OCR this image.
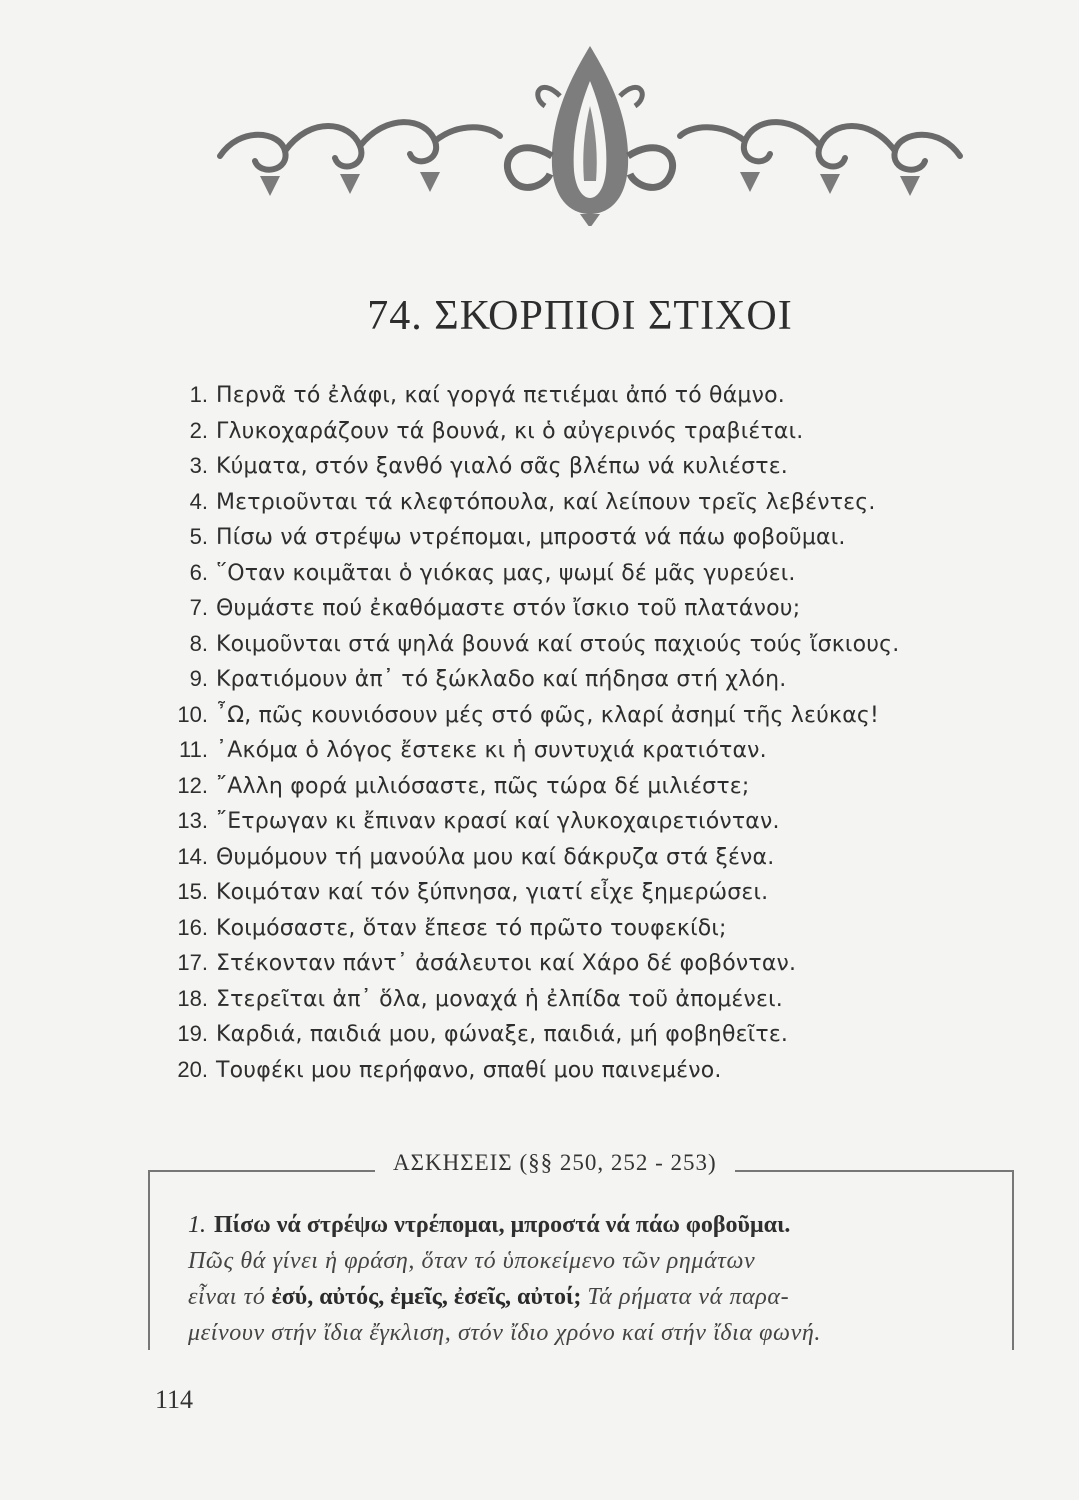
74. ΣΚΟΡΠΙΟΙ ΣΤΙΧΟΙ
1. Περνᾶ τό ἐλάφι, καί γοργά πετιέμαι ἀπό τό θάμνο.
2. Γλυκοχαράζουν τά βουνά, κι ὁ αὐγερινός τραβιέται.
3. Κύματα, στόν ξανθό γιαλό σᾶς βλέπω νά κυλιέστε.
4. Μετριοῦνται τά κλεφτόπουλα, καί λείπουν τρεῖς λεβέντες.
5. Πίσω νά στρέψω ντρέπομαι, μπροστά νά πάω φοβοῦμαι.
6. ῞Οταν κοιμᾶται ὁ γιόκας μας, ψωμί δέ μᾶς γυρεύει.
7. Θυμάστε πού ἐκαθόμαστε στόν ἴσκιο τοῦ πλατάνου;
8. Κοιμοῦνται στά ψηλά βουνά καί στούς παχιούς τούς ἴσκιους.
9. Κρατιόμουν ἀπ᾽ τό ξώκλαδο καί πήδησα στή χλόη.
10. ῏Ω, πῶς κουνιόσουν μές στό φῶς, κλαρί ἀσημί τῆς λεύκας!
11. ᾿Ακόμα ὁ λόγος ἔστεκε κι ἡ συντυχιά κρατιόταν.
12. ῎Αλλη φορά μιλιόσαστε, πῶς τώρα δέ μιλιέστε;
13. ῎Ετρωγαν κι ἔπιναν κρασί καί γλυκοχαιρετιόνταν.
14. Θυμόμουν τή μανούλα μου καί δάκρυζα στά ξένα.
15. Κοιμόταν καί τόν ξύπνησα, γιατί εἶχε ξημερώσει.
16. Κοιμόσαστε, ὅταν ἔπεσε τό πρῶτο τουφεκίδι;
17. Στέκονταν πάντ᾽ ἀσάλευτοι καί Χάρο δέ φοβόνταν.
18. Στερεῖται ἀπ᾽ ὅλα, μοναχά ἡ ἐλπίδα τοῦ ἀπομένει.
19. Καρδιά, παιδιά μου, φώναξε, παιδιά, μή φοβηθεῖτε.
20. Τουφέκι μου περήφανο, σπαθί μου παινεμένο.
ΑΣΚΗΣΕΙΣ (§§ 250, 252 - 253)
1. Πίσω νά στρέψω ντρέπομαι, μπροστά νά πάω φοβοῦμαι.
Πῶς θά γίνει ἡ φράση, ὅταν τό ὑποκείμενο τῶν ρημάτων
εἶναι τό ἐσύ, αὐτός, ἐμεῖς, ἐσεῖς, αὐτοί; Τά ρήματα νά παρα-
μείνουν στήν ἴδια ἔγκλιση, στόν ἴδιο χρόνο καί στήν ἴδια φωνή.
114
